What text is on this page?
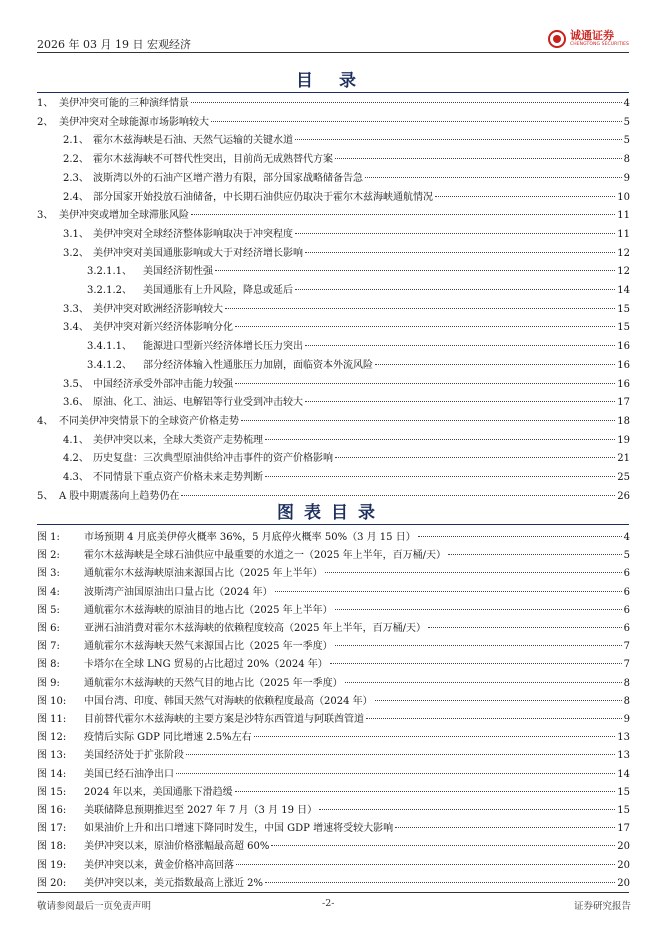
2026 年 03 月 19 日 宏观经济
诚通证券
CHENGTONG SECURITIES
目 录
1、 美伊冲突可能的三种演绎情景	4
2、 美伊冲突对全球能源市场影响较大	5
2.1、 霍尔木兹海峡是石油、天然气运输的关键水道	5
2.2、 霍尔木兹海峡不可替代性突出，目前尚无成熟替代方案	8
2.3、 波斯湾以外的石油产区增产潜力有限，部分国家战略储备告急	9
2.4、 部分国家开始投放石油储备，中长期石油供应仍取决于霍尔木兹海峡通航情况	10
3、 美伊冲突或增加全球滞胀风险	11
3.1、 美伊冲突对全球经济整体影响取决于冲突程度	11
3.2、 美伊冲突对美国通胀影响或大于对经济增长影响	12
3.2.1.1、	美国经济韧性强	12
3.2.1.2、	美国通胀有上升风险，降息或延后	14
3.3、 美伊冲突对欧洲经济影响较大	15
3.4、 美伊冲突对新兴经济体影响分化	15
3.4.1.1、	能源进口型新兴经济体增长压力突出	16
3.4.1.2、	部分经济体输入性通胀压力加剧，面临资本外流风险	16
3.5、 中国经济承受外部冲击能力较强	16
3.6、 原油、化工、油运、电解铝等行业受到冲击较大	17
4、 不同美伊冲突情景下的全球资产价格走势	18
4.1、 美伊冲突以来，全球大类资产走势梳理	19
4.2、 历史复盘：三次典型原油供给冲击事件的资产价格影响	21
4.3、 不同情景下重点资产价格未来走势判断	25
5、 A 股中期震荡向上趋势仍在	26
图表目录
图 1:	市场预期 4 月底美伊停火概率 36%，5 月底停火概率 50%（3 月 15 日）	4
图 2:	霍尔木兹海峡是全球石油供应中最重要的水道之一（2025 年上半年，百万桶/天）	5
图 3:	通航霍尔木兹海峡原油来源国占比（2025 年上半年）	6
图 4:	波斯湾产油国原油出口量占比（2024 年）	6
图 5:	通航霍尔木兹海峡的原油目的地占比（2025 年上半年）	6
图 6:	亚洲石油消费对霍尔木兹海峡的依赖程度较高（2025 年上半年，百万桶/天）	6
图 7:	通航霍尔木兹海峡天然气来源国占比（2025 年一季度）	7
图 8:	卡塔尔在全球 LNG 贸易的占比超过 20%（2024 年）	7
图 9:	通航霍尔木兹海峡的天然气目的地占比（2025 年一季度）	8
图 10:	中国台湾、印度、韩国天然气对海峡的依赖程度最高（2024 年）	8
图 11:	目前替代霍尔木兹海峡的主要方案是沙特东西管道与阿联酋管道	9
图 12:	疫情后实际 GDP 同比增速 2.5%左右	13
图 13:	美国经济处于扩张阶段	13
图 14:	美国已经石油净出口	14
图 15:	2024 年以来，美国通胀下滑趋缓	15
图 16:	美联储降息预期推迟至 2027 年 7 月（3 月 19 日）	15
图 17:	如果油价上升和出口增速下降同时发生，中国 GDP 增速将受较大影响	17
图 18:	美伊冲突以来，原油价格涨幅最高超 60%	20
图 19:	美伊冲突以来，黄金价格冲高回落	20
图 20:	美伊冲突以来，美元指数最高上涨近 2%	20
敬请参阅最后一页免责声明	-2-	证券研究报告
